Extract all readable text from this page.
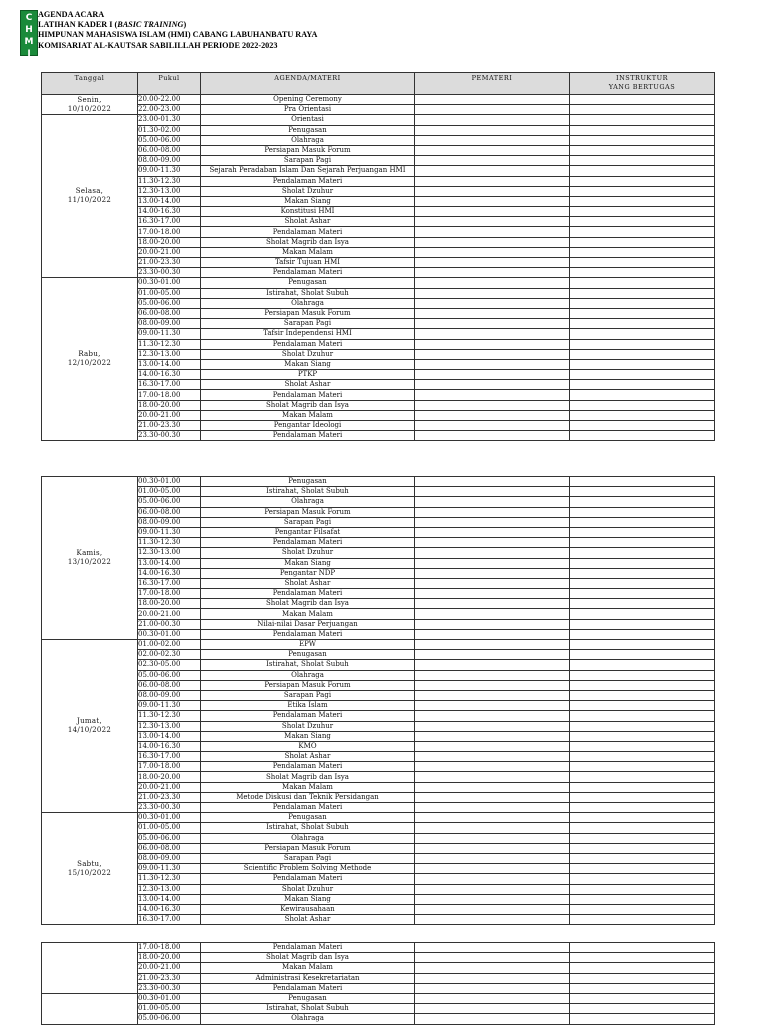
C
H
M
I
AGENDA ACARA
LATIHAN KADER I (BASIC TRAINING)
HIMPUNAN MAHASISWA ISLAM (HMI) CABANG LABUHANBATU RAYA
KOMISARIAT AL-KAUTSAR SABILILLAH PERIODE 2022-2023
Tanggal	Pukul	AGENDA/MATERI	PEMATERI	INSTRUKTUR
YANG BERTUGAS
Senin,
10/10/2022	20.00-22.00	Opening Ceremony		
	22.00-23.00	Pra Orientasi		
Selasa,
11/10/2022	23.00-01.30	Orientasi		
	01.30-02.00	Penugasan		
	05.00-06.00	Olahraga		
	06.00-08.00	Persiapan Masuk Forum		
	08.00-09.00	Sarapan Pagi		
	09.00-11.30	Sejarah Peradaban Islam Dan Sejarah Perjuangan HMI		
	11.30-12.30	Pendalaman Materi		
	12.30-13.00	Sholat Dzuhur		
	13.00-14.00	Makan Siang		
	14.00-16.30	Konstitusi HMI		
	16.30-17.00	Sholat Ashar		
	17.00-18.00	Pendalaman Materi		
	18.00-20.00	Sholat Magrib dan Isya		
	20.00-21.00	Makan Malam		
	21.00-23.30	Tafsir Tujuan HMI		
	23.30-00.30	Pendalaman Materi		
Rabu,
12/10/2022	00.30-01.00	Penugasan		
	01.00-05.00	Istirahat, Sholat Subuh		
	05.00-06.00	Olahraga		
	06.00-08.00	Persiapan Masuk Forum		
	08.00-09.00	Sarapan Pagi		
	09.00-11.30	Tafsir Independensi HMI		
	11.30-12.30	Pendalaman Materi		
	12.30-13.00	Sholat Dzuhur		
	13.00-14.00	Makan Siang		
	14.00-16.30	PTKP		
	16.30-17.00	Sholat Ashar		
	17.00-18.00	Pendalaman Materi		
	18.00-20.00	Sholat Magrib dan Isya		
	20.00-21.00	Makan Malam		
	21.00-23.30	Pengantar Ideologi		
	23.30-00.30	Pendalaman Materi		
Kamis,
13/10/2022	00.30-01.00	Penugasan		
	01.00-05.00	Istirahat, Sholat Subuh		
	05.00-06.00	Olahraga		
	06.00-08.00	Persiapan Masuk Forum		
	08.00-09.00	Sarapan Pagi		
	09.00-11.30	Pengantar Filsafat		
	11.30-12.30	Pendalaman Materi		
	12.30-13.00	Sholat Dzuhur		
	13.00-14.00	Makan Siang		
	14.00-16.30	Pengantar NDP		
	16.30-17.00	Sholat Ashar		
	17.00-18.00	Pendalaman Materi		
	18.00-20.00	Sholat Magrib dan Isya		
	20.00-21.00	Makan Malam		
	21.00-00.30	Nilai-nilai Dasar Perjuangan		
	00.30-01.00	Pendalaman Materi		
Jumat,
14/10/2022	01.00-02.00	EPW		
	02.00-02.30	Penugasan		
	02.30-05.00	Istirahat, Sholat Subuh		
	05.00-06.00	Olahraga		
	06.00-08.00	Persiapan Masuk Forum		
	08.00-09.00	Sarapan Pagi		
	09.00-11.30	Etika Islam		
	11.30-12.30	Pendalaman Materi		
	12.30-13.00	Sholat Dzuhur		
	13.00-14.00	Makan Siang		
	14.00-16.30	KMO		
	16.30-17.00	Sholat Ashar		
	17.00-18.00	Pendalaman Materi		
	18.00-20.00	Sholat Magrib dan Isya		
	20.00-21.00	Makan Malam		
	21.00-23.30	Metode Diskusi dan Teknik Persidangan		
	23.30-00.30	Pendalaman Materi		
Sabtu,
15/10/2022	00.30-01.00	Penugasan		
	01.00-05.00	Istirahat, Sholat Subuh		
	05.00-06.00	Olahraga		
	06.00-08.00	Persiapan Masuk Forum		
	08.00-09.00	Sarapan Pagi		
	09.00-11.30	Scientific Problem Solving Methode		
	11.30-12.30	Pendalaman Materi		
	12.30-13.00	Sholat Dzuhur		
	13.00-14.00	Makan Siang		
	14.00-16.30	Kewirausahaan		
	16.30-17.00	Sholat Ashar		
	17.00-18.00	Pendalaman Materi		
	18.00-20.00	Sholat Magrib dan Isya		
	20.00-21.00	Makan Malam		
	21.00-23.30	Administrasi Kesekretariatan		
	23.30-00.30	Pendalaman Materi		
	00.30-01.00	Penugasan		
	01.00-05.00	Istirahat, Sholat Subuh		
	05.00-06.00	Olahraga		
